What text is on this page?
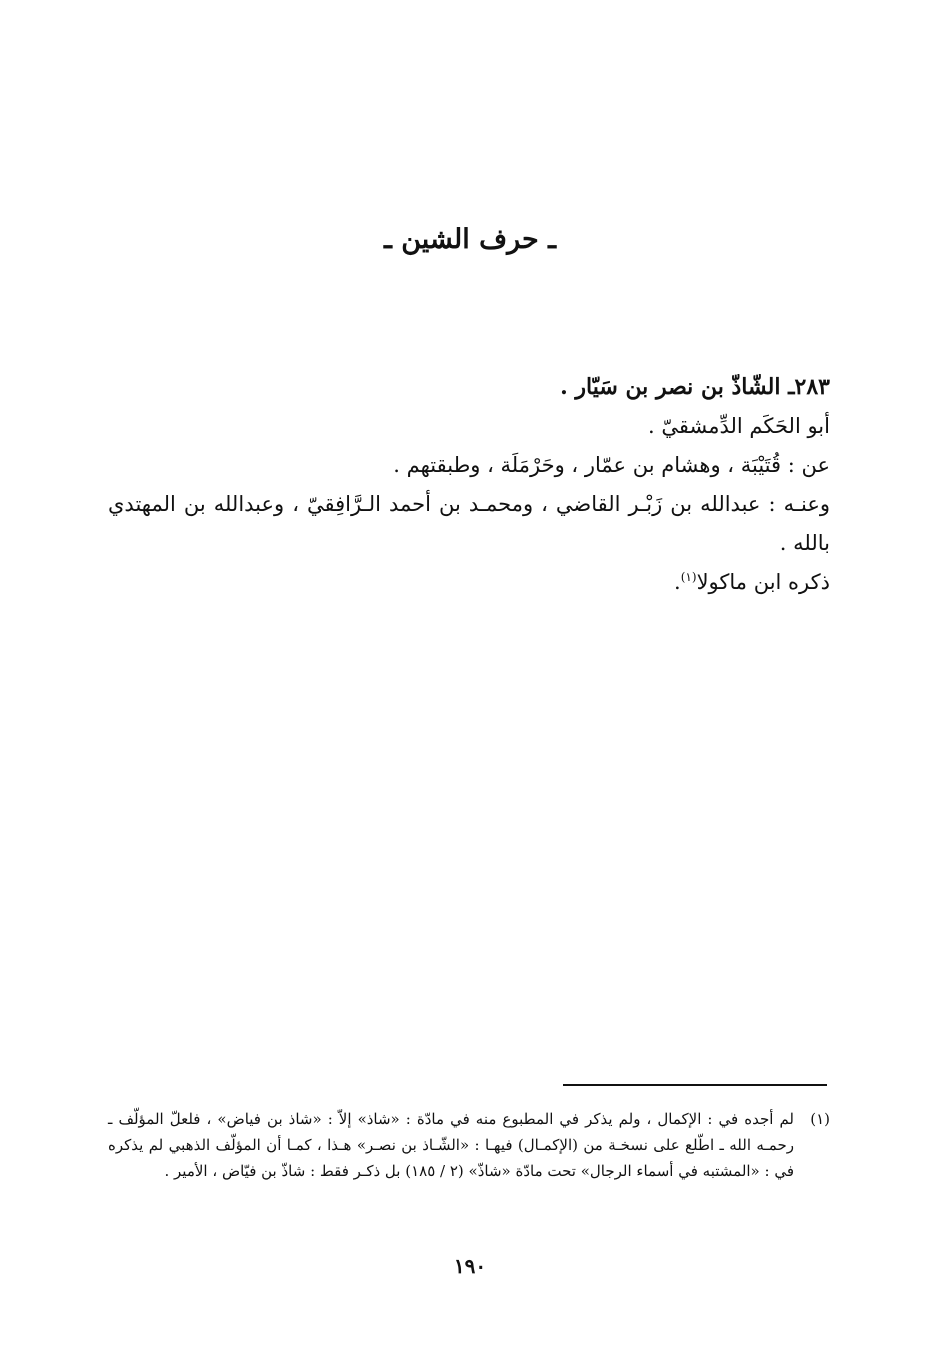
ـ حرف الشين ـ

٢٨٣ـ الشّاذّ بن نصر بن سَيّار .

أبو الحَكَم الدِّمشقيّ .

عن : قُتَيْبَة ، وهشام بن عمّار ، وحَرْمَلَة ، وطبقتهم .

وعنـه : عبدالله بن زَبْـر القاضي ، ومحمـد بن أحمد الـرَّافِقيّ ، وعبدالله بن المهتدي بالله .

ذكره ابن ماكولا$^{(١)}$.

(١)

لم أجده في : الإكمال ، ولم يذكر في المطبوع منه في مادّة : «شاذ» إلاّ : «شاذ بن فياض» ، فلعلّ المؤلّف ـ رحمـه الله ـ اطّلع على نسخـة من (الإكمـال) فيهـا : «الشّـاذ بن نصـر» هـذا ، كمـا أن المؤلّف الذهبي لم يذكره في : «المشتبه في أسماء الرجال» تحت مادّة «شاذّ» (٢ / ١٨٥) بل ذكـر فقط : شاذّ بن فيّاض ، الأمير .

١٩٠
